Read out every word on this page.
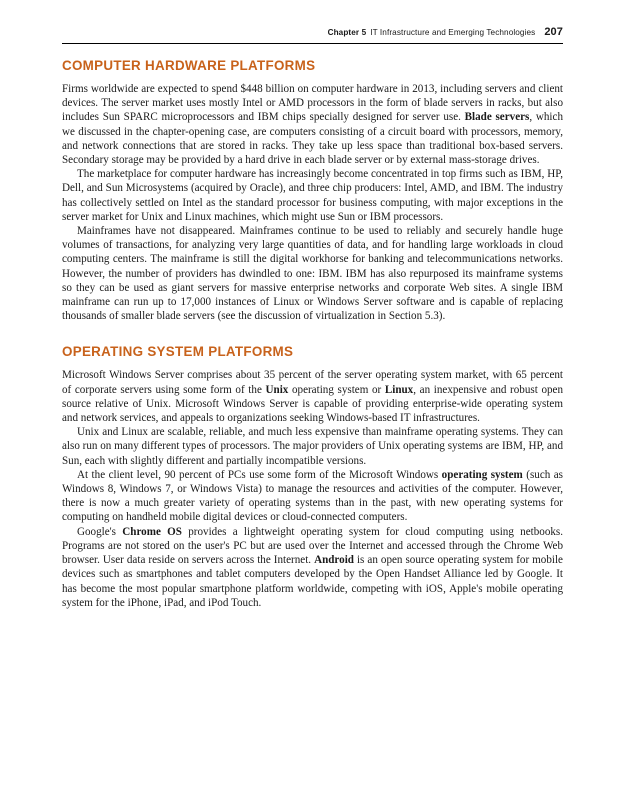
Chapter 5 IT Infrastructure and Emerging Technologies 207
COMPUTER HARDWARE PLATFORMS

Firms worldwide are expected to spend $448 billion on computer hardware in 2013, including servers and client devices. The server market uses mostly Intel or AMD processors in the form of blade servers in racks, but also includes Sun SPARC microprocessors and IBM chips specially designed for server use. Blade servers, which we discussed in the chapter-opening case, are computers consisting of a circuit board with processors, memory, and network connections that are stored in racks. They take up less space than traditional box-based servers. Secondary storage may be provided by a hard drive in each blade server or by external mass-storage drives.

The marketplace for computer hardware has increasingly become concentrated in top firms such as IBM, HP, Dell, and Sun Microsystems (acquired by Oracle), and three chip producers: Intel, AMD, and IBM. The industry has collectively settled on Intel as the standard processor for business computing, with major exceptions in the server market for Unix and Linux machines, which might use Sun or IBM processors.

Mainframes have not disappeared. Mainframes continue to be used to reliably and securely handle huge volumes of transactions, for analyzing very large quantities of data, and for handling large workloads in cloud computing centers. The mainframe is still the digital workhorse for banking and telecommunications networks. However, the number of providers has dwindled to one: IBM. IBM has also repurposed its mainframe systems so they can be used as giant servers for massive enterprise networks and corporate Web sites. A single IBM mainframe can run up to 17,000 instances of Linux or Windows Server software and is capable of replacing thousands of smaller blade servers (see the discussion of virtualization in Section 5.3).

OPERATING SYSTEM PLATFORMS

Microsoft Windows Server comprises about 35 percent of the server operating system market, with 65 percent of corporate servers using some form of the Unix operating system or Linux, an inexpensive and robust open source relative of Unix. Microsoft Windows Server is capable of providing enterprise-wide operating system and network services, and appeals to organizations seeking Windows-based IT infrastructures.

Unix and Linux are scalable, reliable, and much less expensive than mainframe operating systems. They can also run on many different types of processors. The major providers of Unix operating systems are IBM, HP, and Sun, each with slightly different and partially incompatible versions.

At the client level, 90 percent of PCs use some form of the Microsoft Windows operating system (such as Windows 8, Windows 7, or Windows Vista) to manage the resources and activities of the computer. However, there is now a much greater variety of operating systems than in the past, with new operating systems for computing on handheld mobile digital devices or cloud-connected computers.

Google's Chrome OS provides a lightweight operating system for cloud computing using netbooks. Programs are not stored on the user's PC but are used over the Internet and accessed through the Chrome Web browser. User data reside on servers across the Internet. Android is an open source operating system for mobile devices such as smartphones and tablet computers developed by the Open Handset Alliance led by Google. It has become the most popular smartphone platform worldwide, competing with iOS, Apple's mobile operating system for the iPhone, iPad, and iPod Touch.
